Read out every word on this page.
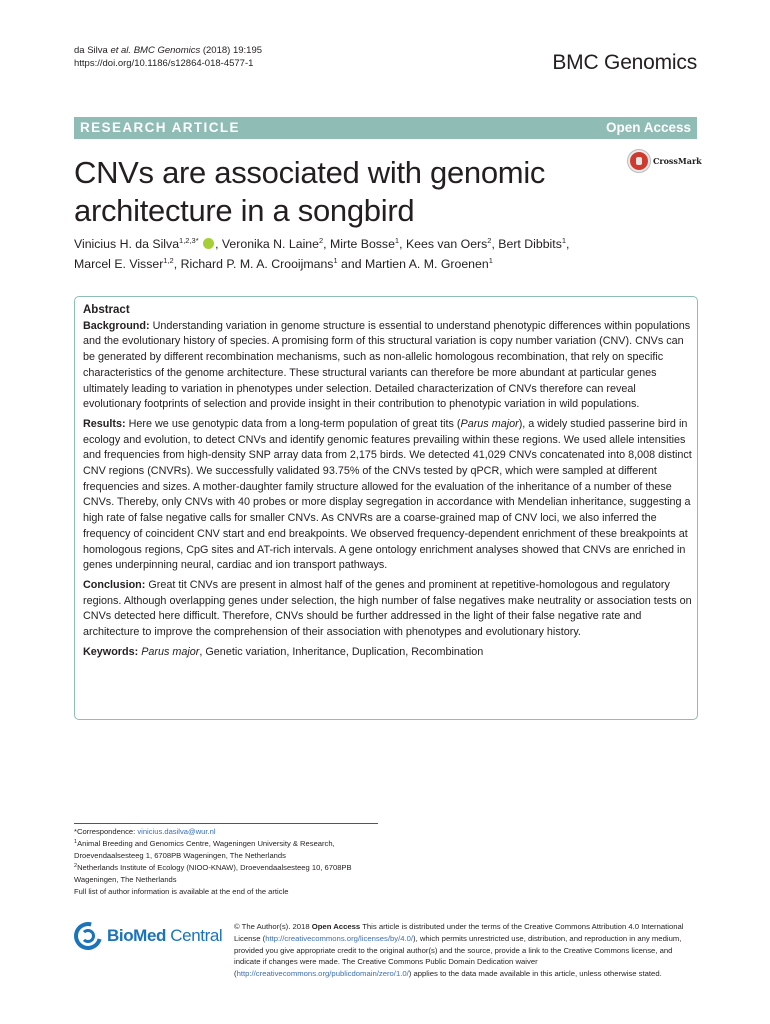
da Silva et al. BMC Genomics (2018) 19:195
https://doi.org/10.1186/s12864-018-4577-1	BMC Genomics
RESEARCH ARTICLE	Open Access
CNVs are associated with genomic
architecture in a songbird
CrossMark
Vinicius H. da Silva$^{1,2,3*}$ , Veronika N. Laine$^2$, Mirte Bosse$^1$, Kees van Oers$^2$, Bert Dibbits$^1$,
Marcel E. Visser$^{1,2}$, Richard P. M. A. Crooijmans$^1$ and Martien A. M. Groenen$^1$
Abstract

Background: Understanding variation in genome structure is essential to understand phenotypic differences within populations and the evolutionary history of species. A promising form of this structural variation is copy number variation (CNV). CNVs can be generated by different recombination mechanisms, such as non-allelic homologous recombination, that rely on specific characteristics of the genome architecture. These structural variants can therefore be more abundant at particular genes ultimately leading to variation in phenotypes under selection. Detailed characterization of CNVs therefore can reveal evolutionary footprints of selection and provide insight in their contribution to phenotypic variation in wild populations.

Results: Here we use genotypic data from a long-term population of great tits (Parus major), a widely studied passerine bird in ecology and evolution, to detect CNVs and identify genomic features prevailing within these regions. We used allele intensities and frequencies from high-density SNP array data from 2,175 birds. We detected 41,029 CNVs concatenated into 8,008 distinct CNV regions (CNVRs). We successfully validated 93.75% of the CNVs tested by qPCR, which were sampled at different frequencies and sizes. A mother-daughter family structure allowed for the evaluation of the inheritance of a number of these CNVs. Thereby, only CNVs with 40 probes or more display segregation in accordance with Mendelian inheritance, suggesting a high rate of false negative calls for smaller CNVs. As CNVRs are a coarse-grained map of CNV loci, we also inferred the frequency of coincident CNV start and end breakpoints. We observed frequency-dependent enrichment of these breakpoints at homologous regions, CpG sites and AT-rich intervals. A gene ontology enrichment analyses showed that CNVs are enriched in genes underpinning neural, cardiac and ion transport pathways.

Conclusion: Great tit CNVs are present in almost half of the genes and prominent at repetitive-homologous and regulatory regions. Although overlapping genes under selection, the high number of false negatives make neutrality or association tests on CNVs detected here difficult. Therefore, CNVs should be further addressed in the light of their false negative rate and architecture to improve the comprehension of their association with phenotypes and evolutionary history.

Keywords: Parus major, Genetic variation, Inheritance, Duplication, Recombination

*Correspondence: vinicius.dasilva@wur.nl
$^1$Animal Breeding and Genomics Centre, Wageningen University & Research, Droevendaalsesteeg 1, 6708PB Wageningen, The Netherlands
$^2$Netherlands Institute of Ecology (NIOO-KNAW), Droevendaalsesteeg 10, 6708PB Wageningen, The Netherlands
Full list of author information is available at the end of the article
BioMed Central © The Author(s). 2018 Open Access This article is distributed under the terms of the Creative Commons Attribution 4.0 International License (http://creativecommons.org/licenses/by/4.0/), which permits unrestricted use, distribution, and reproduction in any medium, provided you give appropriate credit to the original author(s) and the source, provide a link to the Creative Commons license, and indicate if changes were made. The Creative Commons Public Domain Dedication waiver (http://creativecommons.org/publicdomain/zero/1.0/) applies to the data made available in this article, unless otherwise stated.
